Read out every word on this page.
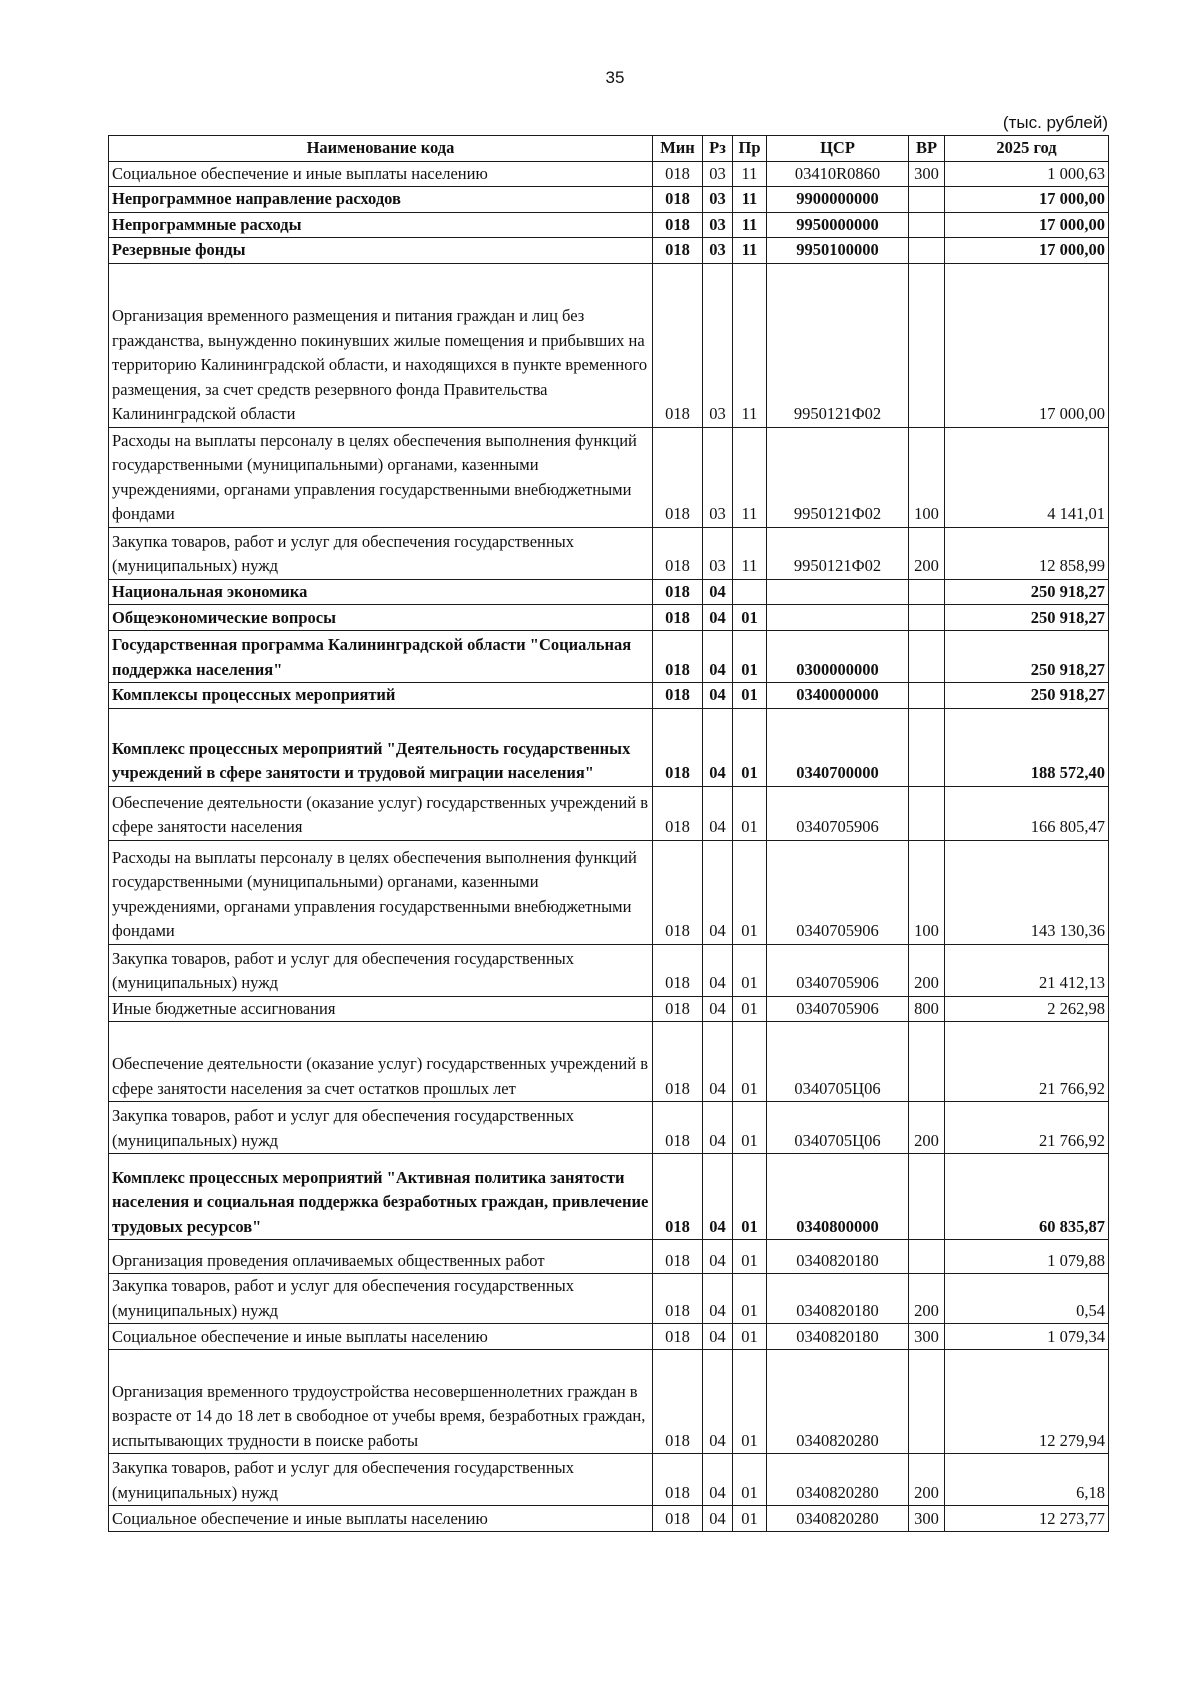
35
(тыс. рублей)
Наименование кода	Мин	Рз	Пр	ЦСР	ВР	2025 год
Социальное обеспечение и иные выплаты населению	018	03	11	03410R0860	300	1 000,63
Непрограммное направление расходов	018	03	11	9900000000		17 000,00
Непрограммные расходы	018	03	11	9950000000		17 000,00
Резервные фонды	018	03	11	9950100000		17 000,00
Организация временного размещения и питания граждан и лиц без гражданства, вынужденно покинувших жилые помещения и прибывших на территорию Калининградской области, и находящихся в пункте временного размещения, за счет средств резервного фонда Правительства Калининградской области	018	03	11	9950121Ф02		17 000,00
Расходы на выплаты персоналу в целях обеспечения выполнения функций государственными (муниципальными) органами, казенными учреждениями, органами управления государственными внебюджетными фондами	018	03	11	9950121Ф02	100	4 141,01
Закупка товаров, работ и услуг для обеспечения государственных (муниципальных) нужд	018	03	11	9950121Ф02	200	12 858,99
Национальная экономика	018	04				250 918,27
Общеэкономические вопросы	018	04	01			250 918,27
Государственная программа Калининградской области "Социальная поддержка населения"	018	04	01	0300000000		250 918,27
Комплексы процессных мероприятий	018	04	01	0340000000		250 918,27
Комплекс процессных мероприятий "Деятельность государственных учреждений в сфере занятости и трудовой миграции населения"	018	04	01	0340700000		188 572,40
Обеспечение деятельности (оказание услуг) государственных учреждений в сфере занятости населения	018	04	01	0340705906		166 805,47
Расходы на выплаты персоналу в целях обеспечения выполнения функций государственными (муниципальными) органами, казенными учреждениями, органами управления государственными внебюджетными фондами	018	04	01	0340705906	100	143 130,36
Закупка товаров, работ и услуг для обеспечения государственных (муниципальных) нужд	018	04	01	0340705906	200	21 412,13
Иные бюджетные ассигнования	018	04	01	0340705906	800	2 262,98
Обеспечение деятельности (оказание услуг) государственных учреждений в сфере занятости населения за счет остатков прошлых лет	018	04	01	0340705Ц06		21 766,92
Закупка товаров, работ и услуг для обеспечения государственных (муниципальных) нужд	018	04	01	0340705Ц06	200	21 766,92
Комплекс процессных мероприятий "Активная политика занятости населения и социальная поддержка безработных граждан, привлечение трудовых ресурсов"	018	04	01	0340800000		60 835,87
Организация проведения оплачиваемых общественных работ	018	04	01	0340820180		1 079,88
Закупка товаров, работ и услуг для обеспечения государственных (муниципальных) нужд	018	04	01	0340820180	200	0,54
Социальное обеспечение и иные выплаты населению	018	04	01	0340820180	300	1 079,34
Организация временного трудоустройства несовершеннолетних граждан в возрасте от 14 до 18 лет в свободное от учебы время, безработных граждан, испытывающих трудности в поиске работы	018	04	01	0340820280		12 279,94
Закупка товаров, работ и услуг для обеспечения государственных (муниципальных) нужд	018	04	01	0340820280	200	6,18
Социальное обеспечение и иные выплаты населению	018	04	01	0340820280	300	12 273,77
